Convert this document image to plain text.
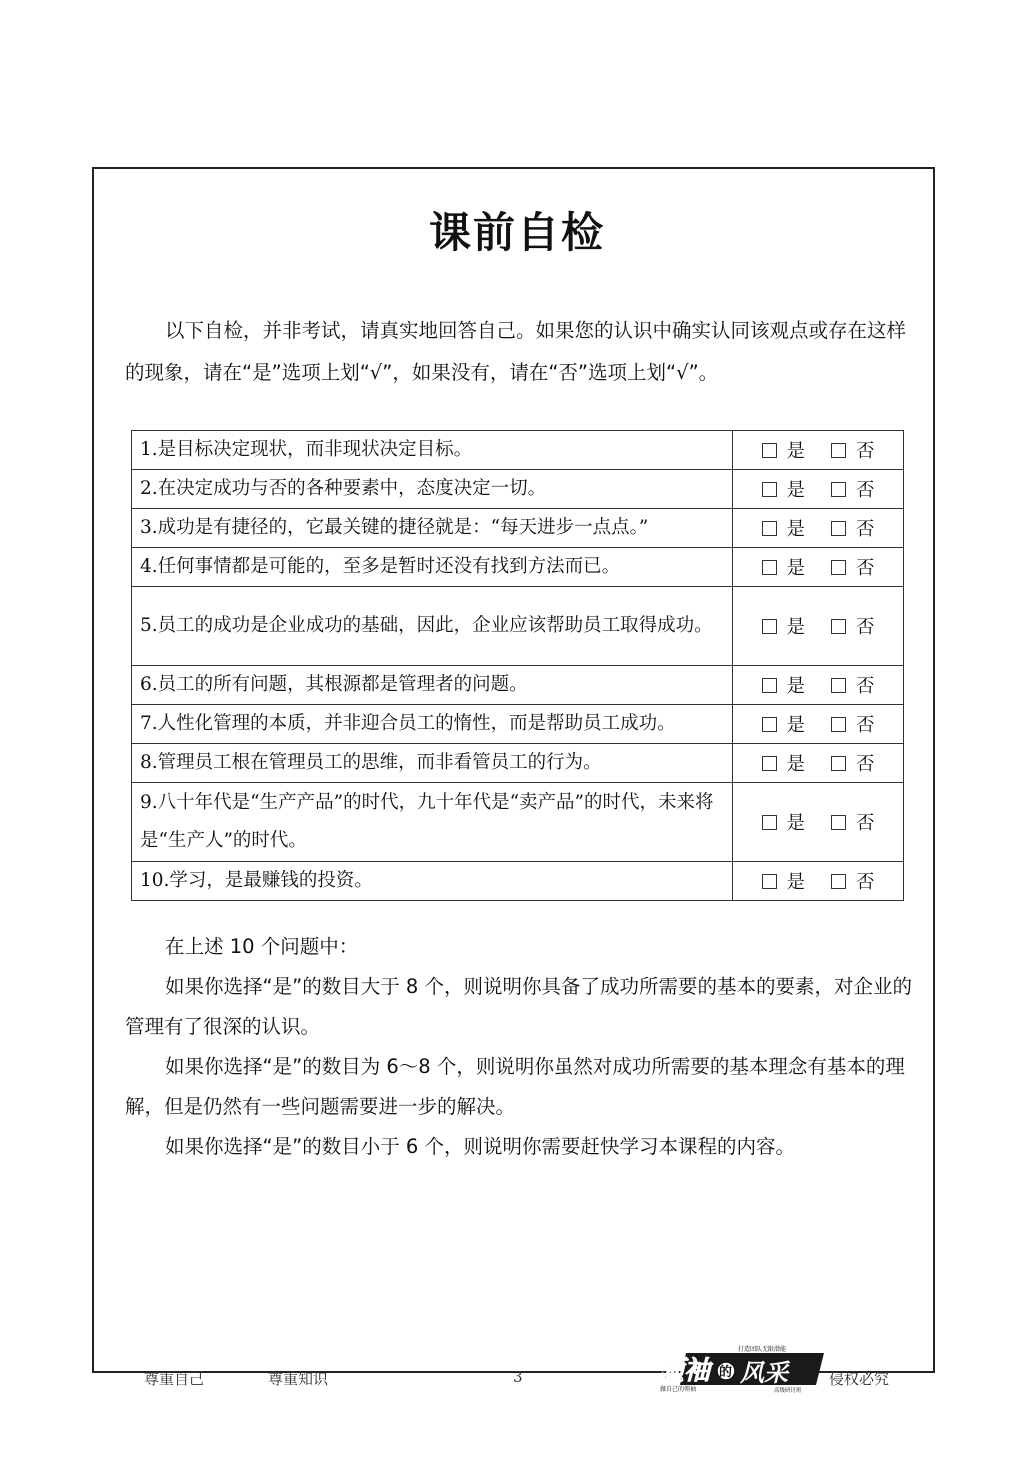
课前自检
以下自检，并非考试，请真实地回答自己。如果您的认识中确实认同该观点或存在这样的现象，请在“是”选项上划“√”，如果没有，请在“否”选项上划“√”。
1.是目标决定现状，而非现状决定目标。	是 否
2.在决定成功与否的各种要素中，态度决定一切。	是 否
3.成功是有捷径的，它最关键的捷径就是：“每天进步一点点。”	是 否
4.任何事情都是可能的，至多是暂时还没有找到方法而已。	是 否
5.员工的成功是企业成功的基础，因此，企业应该帮助员工取得成功。	是 否
6.员工的所有问题，其根源都是管理者的问题。	是 否
7.人性化管理的本质，并非迎合员工的惰性，而是帮助员工成功。	是 否
8.管理员工根在管理员工的思维，而非看管员工的行为。	是 否
9.八十年代是“生产产品”的时代，九十年代是“卖产品”的时代，未来将是“生产人”的时代。	是 否
10.学习，是最赚钱的投资。	是 否

在上述 10 个问题中：

如果你选择“是”的数目大于 8 个，则说明你具备了成功所需要的基本的要素，对企业的管理有了很深的认识。

如果你选择“是”的数目为 6～8 个，则说明你虽然对成功所需要的基本理念有基本的理解，但是仍然有一些问题需要进一步的解决。

如果你选择“是”的数目小于 6 个，则说明你需要赶快学习本课程的内容。

尊重自己	尊重知识	3	侵权必究
领袖 的 风采
打造团队无限潜能
做自己的领袖	高级研讨班
